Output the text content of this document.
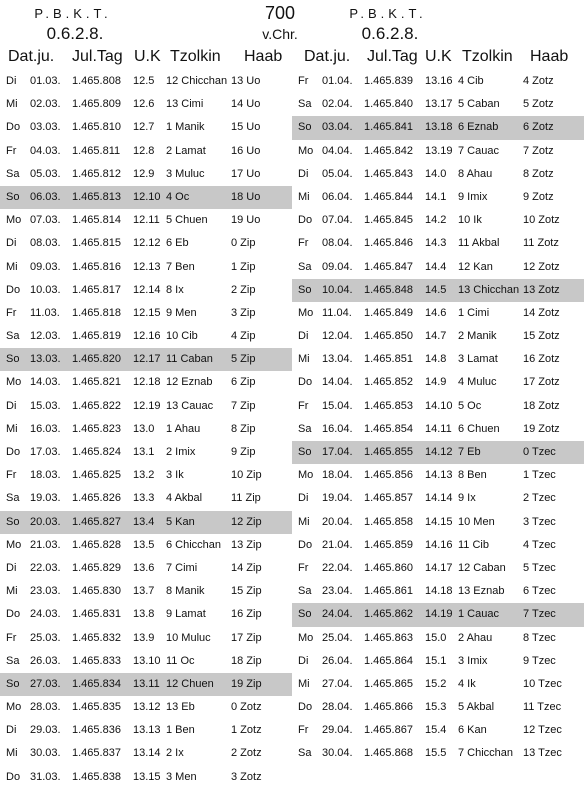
P.B.K.T.
0.6.2.8.
700
v.Chr.
P.B.K.T.
0.6.2.8.
Dat.ju. Jul.Tag U.K Tzolkin Haab Dat.ju. Jul.Tag U.K Tzolkin Haab
Di 01.03. 1.465.808 12.5 12 Chicchan 13 Uo
Mi 02.03. 1.465.809 12.6 13 Cimi	14 Uo
Do 03.03. 1.465.810 12.7 1 Manik 15 Uo
Fr 04.03. 1.465.811 12.8 2 Lamat 16 Uo
Sa 05.03. 1.465.812 12.9 3 Muluc 17 Uo
So 06.03. 1.465.813 12.10 4 Oc	18 Uo
Mo 07.03. 1.465.814 12.11 5 Chuen 19 Uo
Di 08.03. 1.465.815 12.12 6 Eb	0 Zip
Mi 09.03. 1.465.816 12.13 7 Ben	1 Zip
Do 10.03. 1.465.817 12.14 8 Ix	2 Zip
Fr 11.03. 1.465.818 12.15 9 Men	3 Zip
Sa 12.03. 1.465.819 12.16 10 Cib	4 Zip
So 13.03. 1.465.820 12.17 11 Caban 5 Zip
Mo 14.03. 1.465.821 12.18 12 Eznab 6 Zip
Di 15.03. 1.465.822 12.19 13 Cauac 7 Zip
Mi 16.03. 1.465.823 13.0 1 Ahau	8 Zip
Do 17.03. 1.465.824 13.1 2 Imix	9 Zip
Fr 18.03. 1.465.825 13.2 3 Ik	10 Zip
Sa 19.03. 1.465.826 13.3 4 Akbal	11 Zip
So 20.03. 1.465.827 13.4 5 Kan	12 Zip
Mo 21.03. 1.465.828 13.5 6 Chicchan 13 Zip
Di 22.03. 1.465.829 13.6 7 Cimi	14 Zip
Mi 23.03. 1.465.830 13.7 8 Manik 15 Zip
Do 24.03. 1.465.831 13.8 9 Lamat 16 Zip
Fr 25.03. 1.465.832 13.9 10 Muluc 17 Zip
Sa 26.03. 1.465.833 13.10 11 Oc	18 Zip
So 27.03. 1.465.834 13.11 12 Chuen 19 Zip
Mo 28.03. 1.465.835 13.12 13 Eb	0 Zotz
Di 29.03. 1.465.836 13.13 1 Ben	1 Zotz
Mi 30.03. 1.465.837 13.14 2 Ix	2 Zotz
Do 31.03. 1.465.838 13.15 3 Men	3 Zotz
Fr 01.04. 1.465.839 13.16 4 Cib	4 Zotz
Sa 02.04. 1.465.840 13.17 5 Caban 5 Zotz
So 03.04. 1.465.841 13.18 6 Eznab 6 Zotz
Mo 04.04. 1.465.842 13.19 7 Cauac 7 Zotz
Di 05.04. 1.465.843 14.0 8 Ahau	8 Zotz
Mi 06.04. 1.465.844 14.1 9 Imix	9 Zotz
Do 07.04. 1.465.845 14.2 10 Ik	10 Zotz
Fr 08.04. 1.465.846 14.3 11 Akbal 11 Zotz
Sa 09.04. 1.465.847 14.4 12 Kan	12 Zotz
So 10.04. 1.465.848 14.5 13 Chicchan 13 Zotz
Mo 11.04. 1.465.849 14.6 1 Cimi	14 Zotz
Di 12.04. 1.465.850 14.7 2 Manik 15 Zotz
Mi 13.04. 1.465.851 14.8 3 Lamat 16 Zotz
Do 14.04. 1.465.852 14.9 4 Muluc 17 Zotz
Fr 15.04. 1.465.853 14.10 5 Oc	18 Zotz
Sa 16.04. 1.465.854 14.11 6 Chuen 19 Zotz
So 17.04. 1.465.855 14.12 7 Eb	0 Tzec
Mo 18.04. 1.465.856 14.13 8 Ben	1 Tzec
Di 19.04. 1.465.857 14.14 9 Ix	2 Tzec
Mi 20.04. 1.465.858 14.15 10 Men	3 Tzec
Do 21.04. 1.465.859 14.16 11 Cib	4 Tzec
Fr 22.04. 1.465.860 14.17 12 Caban 5 Tzec
Sa 23.04. 1.465.861 14.18 13 Eznab 6 Tzec
So 24.04. 1.465.862 14.19 1 Cauac 7 Tzec
Mo 25.04. 1.465.863 15.0 2 Ahau	8 Tzec
Di 26.04. 1.465.864 15.1 3 Imix	9 Tzec
Mi 27.04. 1.465.865 15.2 4 Ik	10 Tzec
Do 28.04. 1.465.866 15.3 5 Akbal	11 Tzec
Fr 29.04. 1.465.867 15.4 6 Kan	12 Tzec
Sa 30.04. 1.465.868 15.5 7 Chicchan 13 Tzec
